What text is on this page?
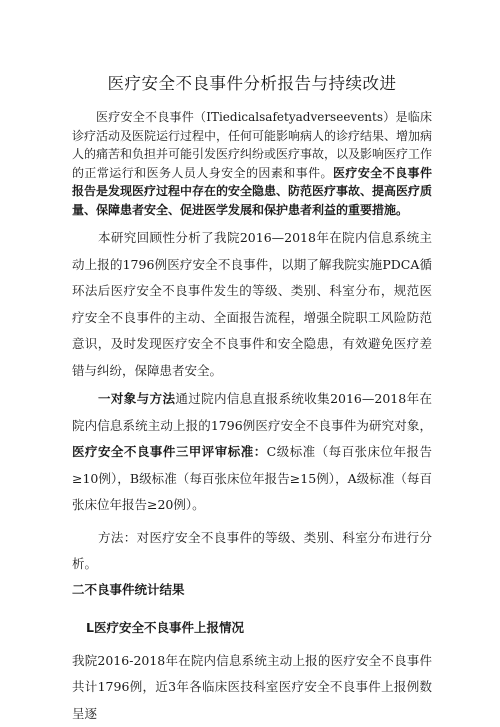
医疗安全不良事件分析报告与持续改进

医疗安全不良事件（ITiedicalsafetyadverseevents）是临床诊疗活动及医院运行过程中，任何可能影响病人的诊疗结果、增加病人的痛苦和负担并可能引发医疗纠纷或医疗事故，以及影响医疗工作的正常运行和医务人员人身安全的因素和事件。医疗安全不良事件报告是发现医疗过程中存在的安全隐患、防范医疗事故、提高医疗质量、保障患者安全、促进医学发展和保护患者利益的重要措施。

本研究回顾性分析了我院2016—2018年在院内信息系统主动上报的1796例医疗安全不良事件，以期了解我院实施PDCA循环法后医疗安全不良事件发生的等级、类别、科室分布，规范医疗安全不良事件的主动、全面报告流程，增强全院职工风险防范意识，及时发现医疗安全不良事件和安全隐患，有效避免医疗差错与纠纷，保障患者安全。

一对象与方法通过院内信息直报系统收集2016—2018年在院内信息系统主动上报的1796例医疗安全不良事件为研究对象，医疗安全不良事件三甲评审标准：C级标准（每百张床位年报告≥10例），B级标准（每百张床位年报告≥15例），A级标准（每百张床位年报告≥20例）。

方法：对医疗安全不良事件的等级、类别、科室分布进行分析。

二不良事件统计结果
L医疗安全不良事件上报情况

我院2016-2018年在院内信息系统主动上报的医疗安全不良事件共计1796例，近3年各临床医技科室医疗安全不良事件上报例数呈逐
